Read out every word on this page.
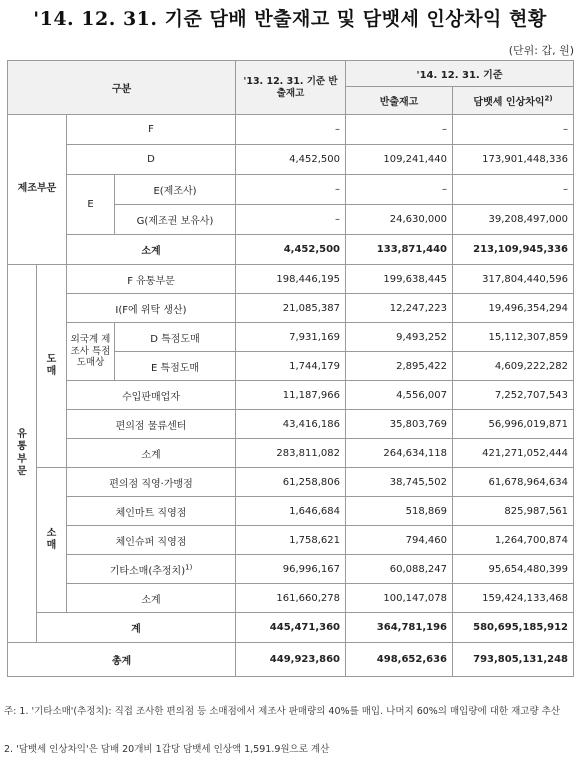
'14. 12. 31. 기준 담배 반출재고 및 담뱃세 인상차익 현황
(단위: 갑, 원)
구분				'13. 12. 31. 기준 반출재고	'14. 12. 31. 기준	
					반출재고	담뱃세 인상차익$^{2)}$
제조부문		F		–	–	–
		D		4,452,500	109,241,440	173,901,448,336
		E	E(제조사)	–	–	–
			G(제조권 보유사)	–	24,630,000	39,208,497,000
		소계		4,452,500	133,871,440	213,109,945,336
유통부문	도매	F 유통부문		198,446,195	199,638,445	317,804,440,596
		I(F에 위탁 생산)		21,085,387	12,247,223	19,496,354,294
		외국계 제조사 특점도매상	D 특점도매	7,931,169	9,493,252	15,112,307,859
			E 특점도매	1,744,179	2,895,422	4,609,222,282
		수입판매업자		11,187,966	4,556,007	7,252,707,543
		편의점 물류센터		43,416,186	35,803,769	56,996,019,871
		소계		283,811,082	264,634,118	421,271,052,444
	소매	편의점 직영·가맹점		61,258,806	38,745,502	61,678,964,634
		체인마트 직영점		1,646,684	518,869	825,987,561
		체인슈퍼 직영점		1,758,621	794,460	1,264,700,874
		기타소매(추정치)$^{1)}$		96,996,167	60,088,247	95,654,480,399
		소계		161,660,278	100,147,078	159,424,133,468
	계			445,471,360	364,781,196	580,695,185,912
총계				449,923,860	498,652,636	793,805,131,248
주: 1. '기타소매'(추정치): 직접 조사한 편의점 등 소매점에서 제조사 판매량의 40%를 매입. 나머지 60%의 매입량에 대한 재고량 추산
2. '담뱃세 인상차익'은 담배 20개비 1갑당 담뱃세 인상액 1,591.9원으로 계산
